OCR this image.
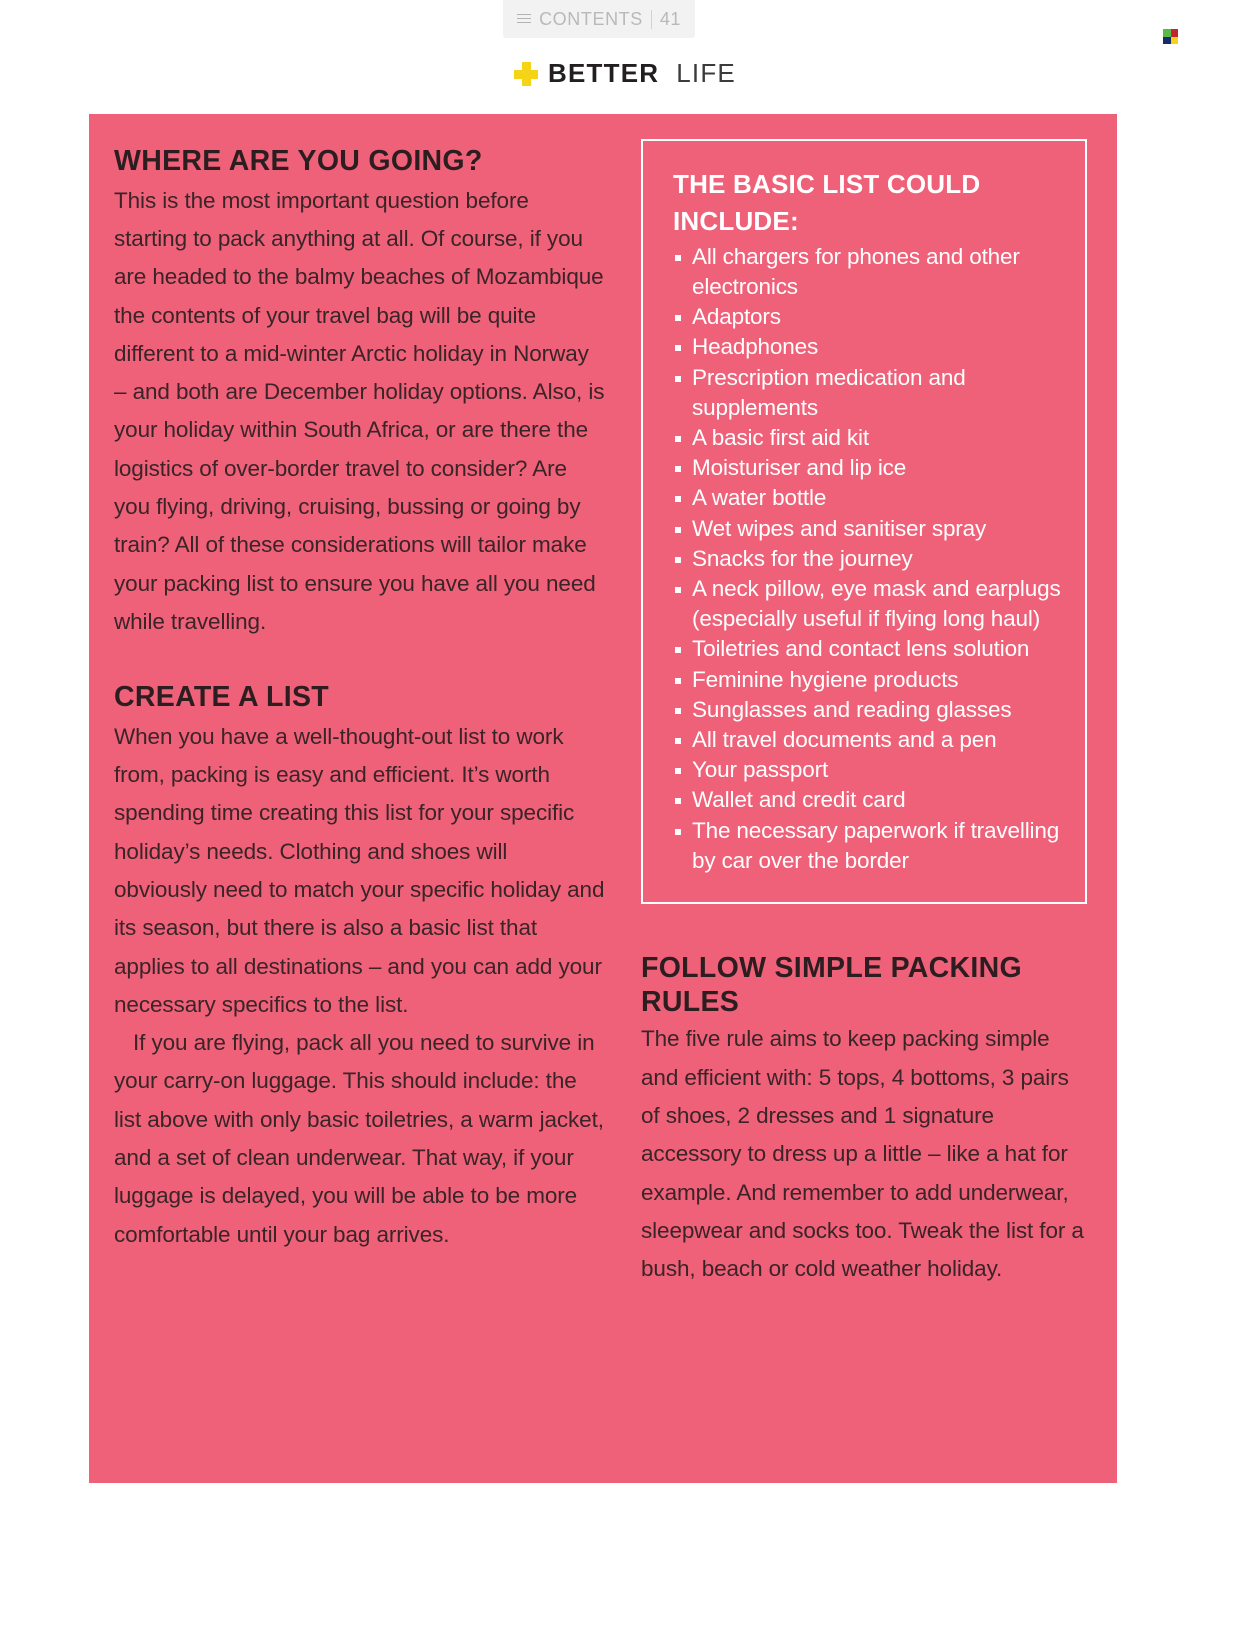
CONTENTS 41
BETTER LIFE
WHERE ARE YOU GOING?

This is the most important question before starting to pack anything at all. Of course, if you are headed to the balmy beaches of Mozambique the contents of your travel bag will be quite different to a mid-winter Arctic holiday in Norway – and both are December holiday options. Also, is your holiday within South Africa, or are there the logistics of over-border travel to consider? Are you flying, driving, cruising, bussing or going by train? All of these considerations will tailor make your packing list to ensure you have all you need while travelling.

CREATE A LIST

When you have a well-thought-out list to work from, packing is easy and efficient. It’s worth spending time creating this list for your specific holiday’s needs. Clothing and shoes will obviously need to match your specific holiday and its season, but there is also a basic list that applies to all destinations – and you can add your necessary specifics to the list.

If you are flying, pack all you need to survive in your carry-on luggage. This should include: the list above with only basic toiletries, a warm jacket, and a set of clean underwear. That way, if your luggage is delayed, you will be able to be more comfortable until your bag arrives.

THE BASIC LIST COULD INCLUDE:
All chargers for phones and other electronics
Adaptors
Headphones
Prescription medication and supplements
A basic first aid kit
Moisturiser and lip ice
A water bottle
Wet wipes and sanitiser spray
Snacks for the journey
A neck pillow, eye mask and earplugs (especially useful if flying long haul)
Toiletries and contact lens solution
Feminine hygiene products
Sunglasses and reading glasses
All travel documents and a pen
Your passport
Wallet and credit card
The necessary paperwork if travelling by car over the border
FOLLOW SIMPLE PACKING RULES

The five rule aims to keep packing simple and efficient with: 5 tops, 4 bottoms, 3 pairs of shoes, 2 dresses and 1 signature accessory to dress up a little – like a hat for example. And remember to add underwear, sleepwear and socks too. Tweak the list for a bush, beach or cold weather holiday.
